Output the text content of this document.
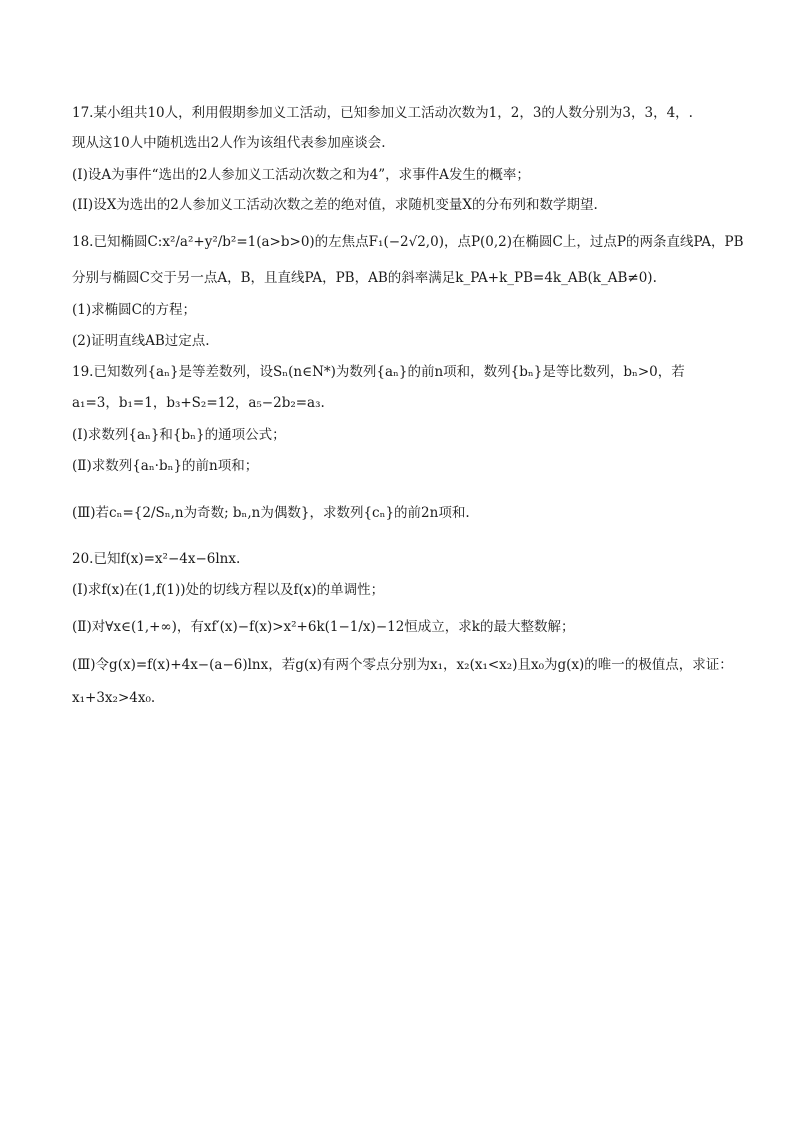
17.某小组共10人，利用假期参加义工活动，已知参加义工活动次数为1，2，3的人数分别为3，3，4，.
现从这10人中随机选出2人作为该组代表参加座谈会.
(I)设A为事件“选出的2人参加义工活动次数之和为4”，求事件A发生的概率；
(II)设X为选出的2人参加义工活动次数之差的绝对值，求随机变量X的分布列和数学期望.
18.已知椭圆C:x²/a²+y²/b²=1(a>b>0)的左焦点F₁(−2√2,0)，点P(0,2)在椭圆C上，过点P的两条直线PA，PB
分别与椭圆C交于另一点A，B，且直线PA，PB，AB的斜率满足k_PA+k_PB=4k_AB(k_AB≠0).
(1)求椭圆C的方程；
(2)证明直线AB过定点.
19.已知数列{aₙ}是等差数列，设Sₙ(n∈N*)为数列{aₙ}的前n项和，数列{bₙ}是等比数列，bₙ>0，若
a₁=3，b₁=1，b₃+S₂=12，a₅−2b₂=a₃.
(Ⅰ)求数列{aₙ}和{bₙ}的通项公式；
(Ⅱ)求数列{aₙ·bₙ}的前n项和；
(Ⅲ)若cₙ={2/Sₙ,n为奇数; bₙ,n为偶数}，求数列{cₙ}的前2n项和.
20.已知f(x)=x²−4x−6lnx.
(Ⅰ)求f(x)在(1,f(1))处的切线方程以及f(x)的单调性；
(Ⅱ)对∀x∈(1,+∞)，有xf′(x)−f(x)>x²+6k(1−1/x)−12恒成立，求k的最大整数解；
(Ⅲ)令g(x)=f(x)+4x−(a−6)lnx，若g(x)有两个零点分别为x₁，x₂(x₁<x₂)且x₀为g(x)的唯一的极值点，求证：
x₁+3x₂>4x₀.
